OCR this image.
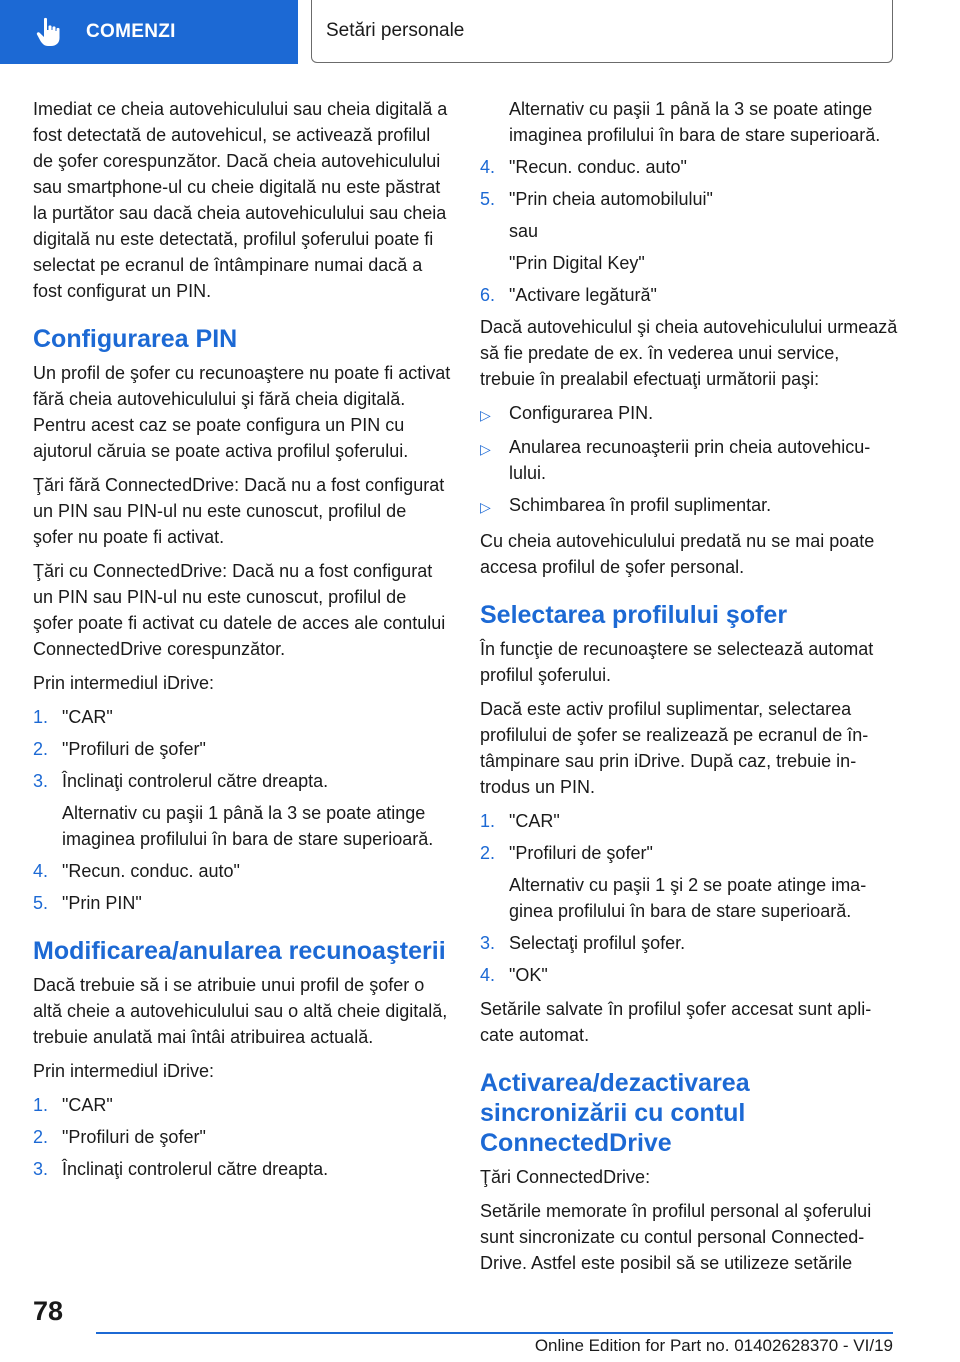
COMENZI	Setări personale

Imediat ce cheia autovehiculului sau cheia digitală a fost detectată de autovehicul, se activează profilul de şofer corespunzător. Dacă cheia autovehiculului sau smartphone-ul cu cheie digitală nu este păstrat la purtător sau dacă cheia autovehiculului sau cheia digitală nu este detectată, profilul şoferului poate fi selectat pe ecranul de întâmpinare numai dacă a fost configurat un PIN.

Configurarea PIN

Un profil de şofer cu recunoaştere nu poate fi activat fără cheia autovehiculului şi fără cheia digitală. Pentru acest caz se poate configura un PIN cu ajutorul căruia se poate activa profilul şoferului.

Ţări fără ConnectedDrive: Dacă nu a fost configurat un PIN sau PIN-ul nu este cunoscut, profilul de şofer nu poate fi activat.

Ţări cu ConnectedDrive: Dacă nu a fost configurat un PIN sau PIN-ul nu este cunoscut, profilul de şofer poate fi activat cu datele de acces ale contului ConnectedDrive corespunzător.

Prin intermediul iDrive:

1. "CAR"
2. "Profiluri de şofer"
3. Înclinaţi controlerul către dreapta.
Alternativ cu paşii 1 până la 3 se poate atinge imaginea profilului în bara de stare superioară.
4. "Recun. conduc. auto"
5. "Prin PIN"
Modificarea/anularea recunoaşterii

Dacă trebuie să i se atribuie unui profil de şofer o altă cheie a autovehiculului sau o altă cheie digitală, trebuie anulată mai întâi atribuirea actuală.

Prin intermediul iDrive:

1. "CAR"
2. "Profiluri de şofer"
3. Înclinaţi controlerul către dreapta.
Alternativ cu paşii 1 până la 3 se poate atinge imaginea profilului în bara de stare superioară.
4. "Recun. conduc. auto"
5. "Prin cheia automobilului"
sau
"Prin Digital Key"
6. "Activare legătură"

Dacă autovehiculul şi cheia autovehiculului urmează să fie predate de ex. în vederea unui service, trebuie în prealabil efectuaţi următorii paşi:

▷	Configurarea PIN.
▷	Anularea recunoaşterii prin cheia autovehiculului.
▷	Schimbarea în profil suplimentar.

Cu cheia autovehiculului predată nu se mai poate accesa profilul de şofer personal.

Selectarea profilului şofer

În funcţie de recunoaştere se selectează automat profilul şoferului.

Dacă este activ profilul suplimentar, selectarea profilului de şofer se realizează pe ecranul de întâmpinare sau prin iDrive. După caz, trebuie introdus un PIN.

1. "CAR"
2. "Profiluri de şofer"
Alternativ cu paşii 1 şi 2 se poate atinge imaginea profilului în bara de stare superioară.
3. Selectaţi profilul şofer.
4. "OK"

Setările salvate în profilul şofer accesat sunt aplicate automat.

Activarea/dezactivarea sincronizării cu contul ConnectedDrive

Ţări ConnectedDrive:

Setările memorate în profilul personal al şoferului sunt sincronizate cu contul personal ConnectedDrive. Astfel este posibil să se utilizeze setările

78
Online Edition for Part no. 01402628370 - VI/19
